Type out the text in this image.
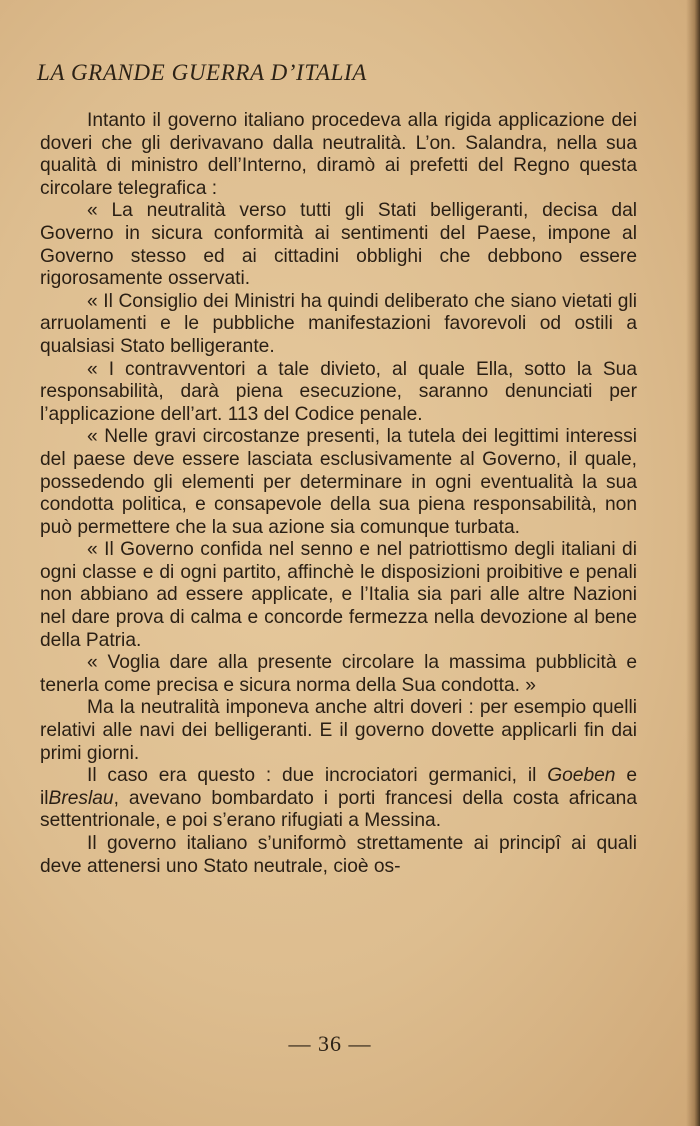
LA GRANDE GUERRA D’ITALIA

Intanto il governo italiano procedeva alla rigida applicazione dei doveri che gli derivavano dalla neutralità. L’on. Salandra, nella sua qualità di ministro dell’Interno, diramò ai prefetti del Regno questa circolare telegrafica :

« La neutralità verso tutti gli Stati belligeranti, decisa dal Governo in sicura conformità ai sentimenti del Paese, impone al Governo stesso ed ai cittadini obblighi che debbono essere rigorosamente osservati.

« Il Consiglio dei Ministri ha quindi deliberato che siano vietati gli arruolamenti e le pubbliche manifestazioni favorevoli od ostili a qualsiasi Stato belligerante.

« I contravventori a tale divieto, al quale Ella, sotto la Sua responsabilità, darà piena esecuzione, saranno denunciati per l’applicazione dell’art. 113 del Codice penale.

« Nelle gravi circostanze presenti, la tutela dei legittimi interessi del paese deve essere lasciata esclusivamente al Governo, il quale, possedendo gli elementi per determinare in ogni eventualità la sua condotta politica, e consapevole della sua piena responsabilità, non può permettere che la sua azione sia comunque turbata.

« Il Governo confida nel senno e nel patriottismo degli italiani di ogni classe e di ogni partito, affinchè le disposizioni proibitive e penali non abbiano ad essere applicate, e l’Italia sia pari alle altre Nazioni nel dare prova di calma e concorde fermezza nella devozione al bene della Patria.

« Voglia dare alla presente circolare la massima pubblicità e tenerla come precisa e sicura norma della Sua condotta. »

Ma la neutralità imponeva anche altri doveri : per esempio quelli relativi alle navi dei belligeranti. E il governo dovette applicarli fin dai primi giorni.

Il caso era questo : due incrociatori germanici, il Goeben e ilBreslau, avevano bombardato i porti francesi della costa africana settentrionale, e poi s’erano rifugiati a Messina.

Il governo italiano s’uniformò strettamente ai principî ai quali deve attenersi uno Stato neutrale, cioè os-

— 36 —
